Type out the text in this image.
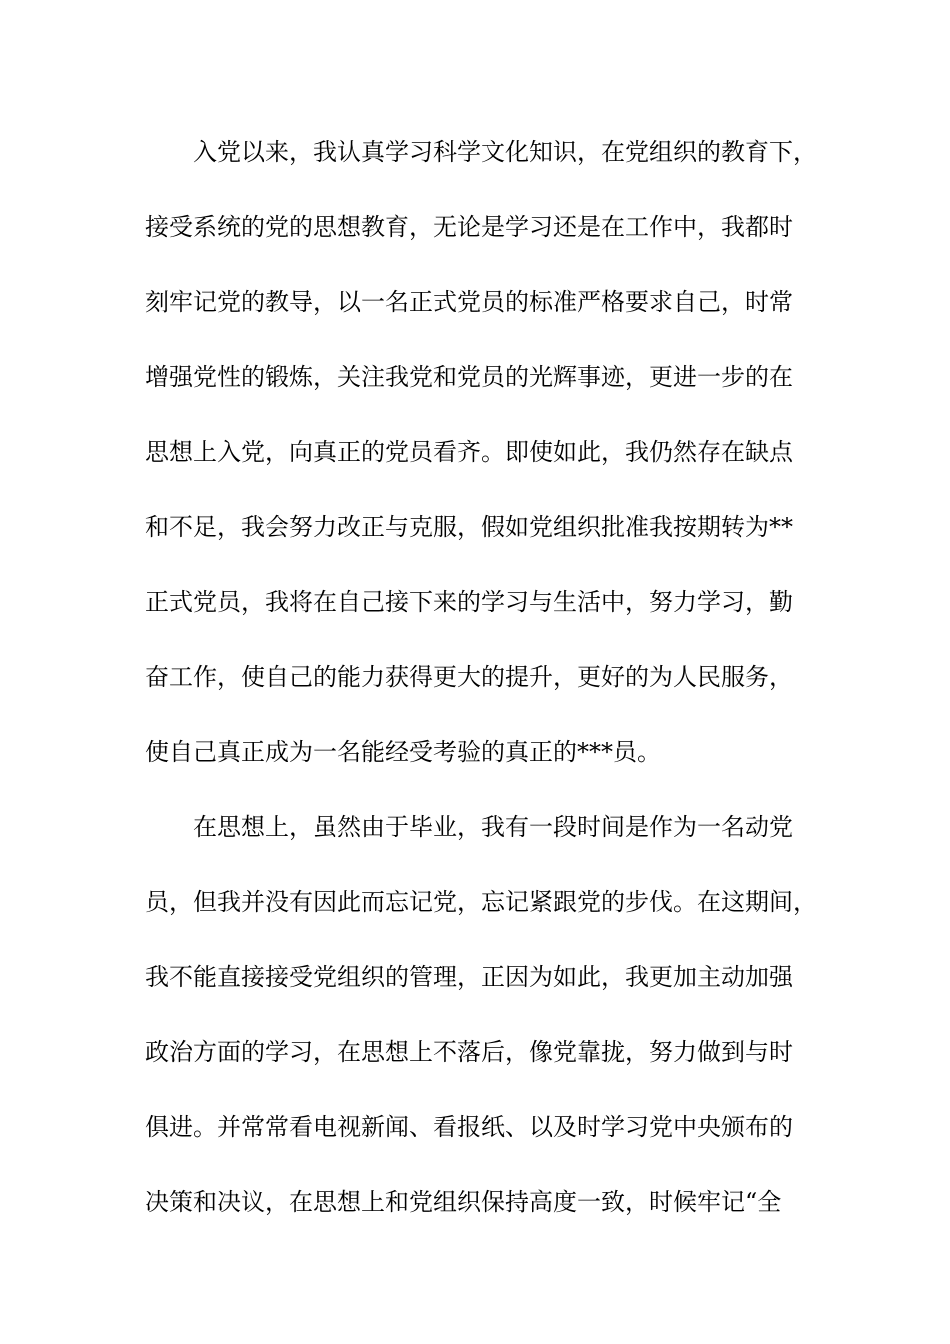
入党以来，我认真学习科学文化知识，在党组织的教育下，
接受系统的党的思想教育，无论是学习还是在工作中，我都时
刻牢记党的教导，以一名正式党员的标准严格要求自己，时常
增强党性的锻炼，关注我党和党员的光辉事迹，更进一步的在
思想上入党，向真正的党员看齐。即使如此，我仍然存在缺点
和不足，我会努力改正与克服，假如党组织批准我按期转为**
正式党员，我将在自己接下来的学习与生活中，努力学习，勤
奋工作，使自己的能力获得更大的提升，更好的为人民服务，
使自己真正成为一名能经受考验的真正的***员。
在思想上，虽然由于毕业，我有一段时间是作为一名动党
员，但我并没有因此而忘记党，忘记紧跟党的步伐。在这期间，
我不能直接接受党组织的管理，正因为如此，我更加主动加强
政治方面的学习，在思想上不落后，像党靠拢，努力做到与时
俱进。并常常看电视新闻、看报纸、以及时学习党中央颁布的
决策和决议，在思想上和党组织保持高度一致，时候牢记“全
